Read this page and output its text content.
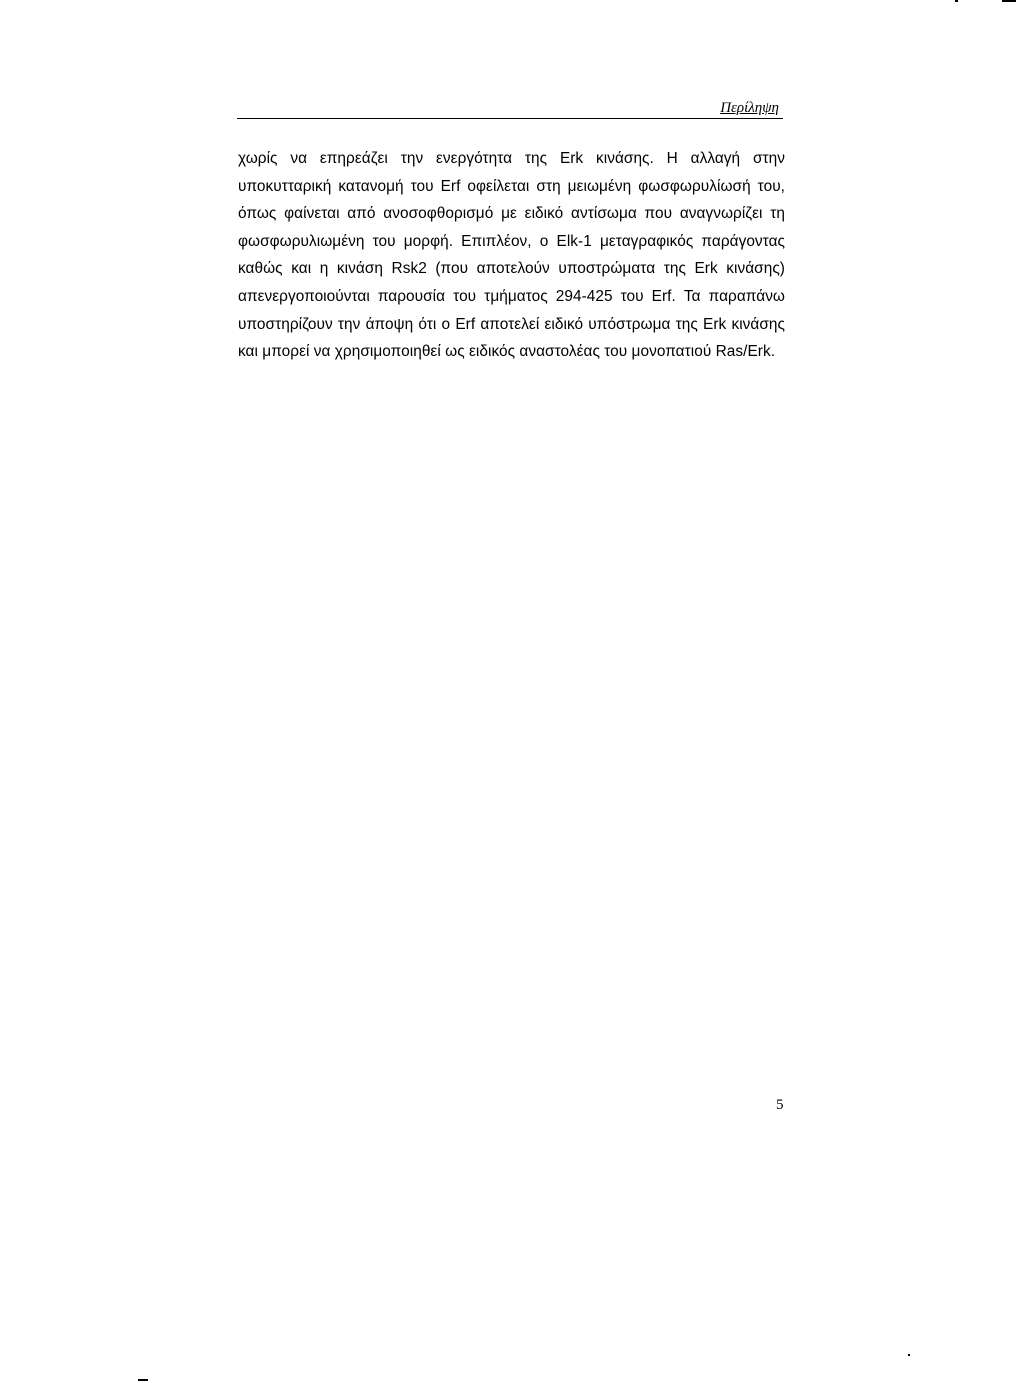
Περίληψη

χωρίς να επηρεάζει την ενεργότητα της Erk κινάσης. Η αλλαγή στην υποκυτταρική κατανομή του Erf οφείλεται στη μειωμένη φωσφωρυλίωσή του, όπως φαίνεται από ανοσοφθορισμό με ειδικό αντίσωμα που αναγνωρίζει τη φωσφωρυλιωμένη του μορφή. Επιπλέον, ο Elk-1 μεταγραφικός παράγοντας καθώς και η κινάση Rsk2 (που αποτελούν υποστρώματα της Erk κινάσης) απενεργοποιούνται παρουσία του τμήματος 294-425 του Erf. Τα παραπάνω υποστηρίζουν την άποψη ότι ο Erf αποτελεί ειδικό υπόστρωμα της Erk κινάσης και μπορεί να χρησιμοποιηθεί ως ειδικός αναστολέας του μονοπατιού Ras/Erk.

5
